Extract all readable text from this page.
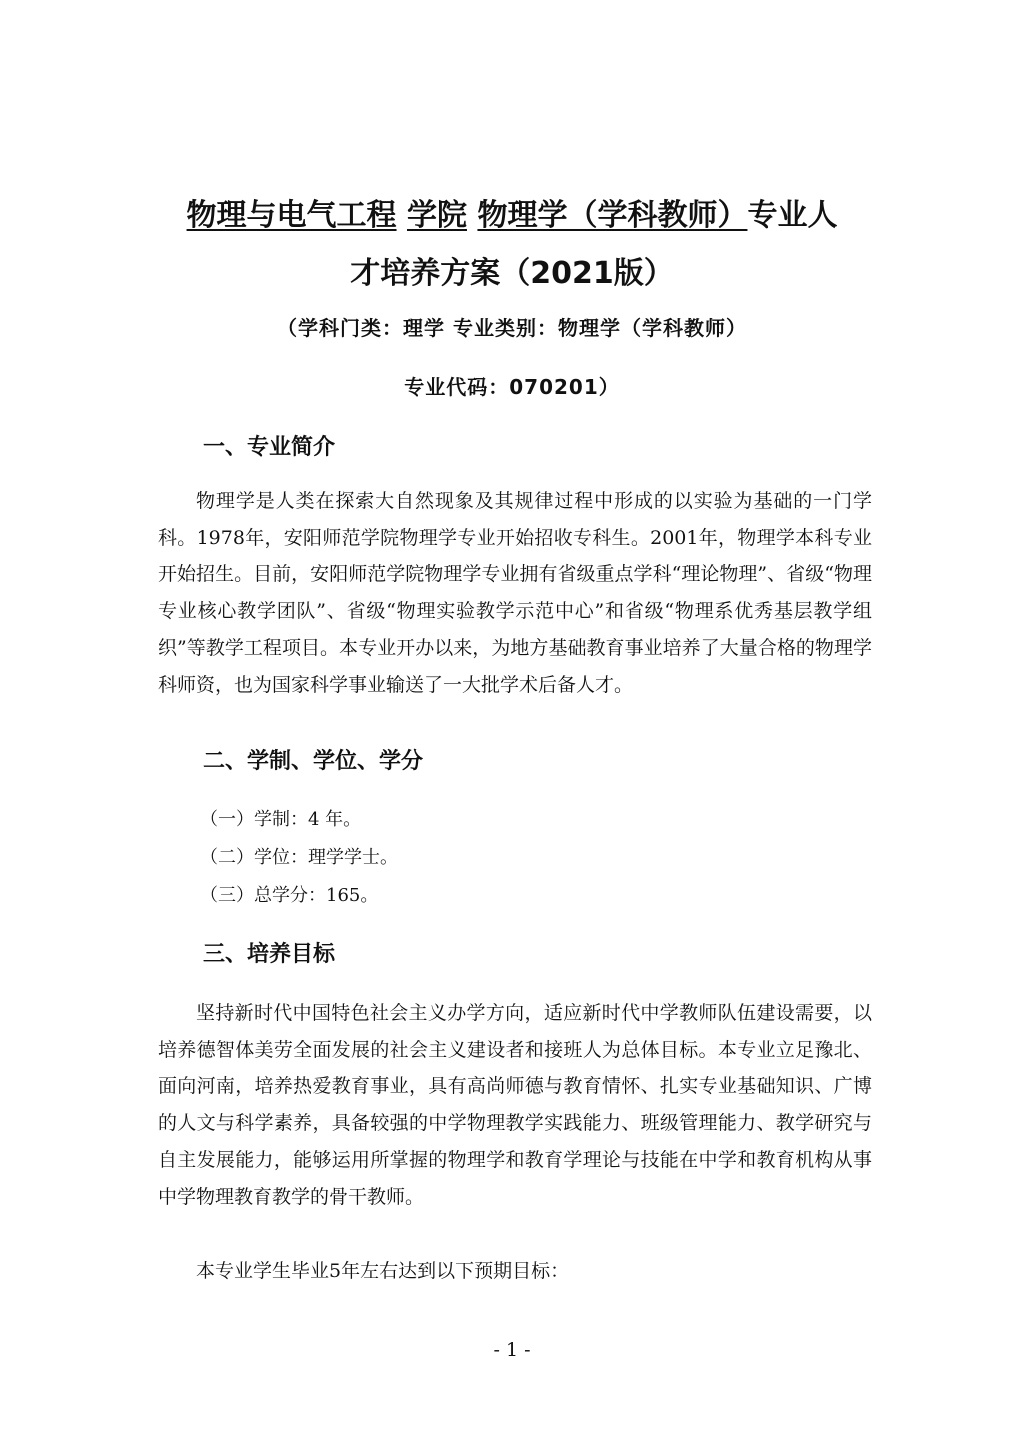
物理与电气工程 学院 物理学（学科教师）专业人
才培养方案（2021版）
（学科门类：理学 专业类别：物理学（学科教师）
专业代码：070201）
一、专业简介

物理学是人类在探索大自然现象及其规律过程中形成的以实验为基础的一门学科。1978年，安阳师范学院物理学专业开始招收专科生。2001年，物理学本科专业开始招生。目前，安阳师范学院物理学专业拥有省级重点学科“理论物理”、省级“物理专业核心教学团队”、省级“物理实验教学示范中心”和省级“物理系优秀基层教学组织”等教学工程项目。本专业开办以来，为地方基础教育事业培养了大量合格的物理学科师资，也为国家科学事业输送了一大批学术后备人才。

二、学制、学位、学分

（一）学制：4 年。

（二）学位：理学学士。

（三）总学分：165。

三、培养目标

坚持新时代中国特色社会主义办学方向，适应新时代中学教师队伍建设需要，以培养德智体美劳全面发展的社会主义建设者和接班人为总体目标。本专业立足豫北、面向河南，培养热爱教育事业，具有高尚师德与教育情怀、扎实专业基础知识、广博的人文与科学素养，具备较强的中学物理教学实践能力、班级管理能力、教学研究与自主发展能力，能够运用所掌握的物理学和教育学理论与技能在中学和教育机构从事中学物理教育教学的骨干教师。

本专业学生毕业5年左右达到以下预期目标：

- 1 -
